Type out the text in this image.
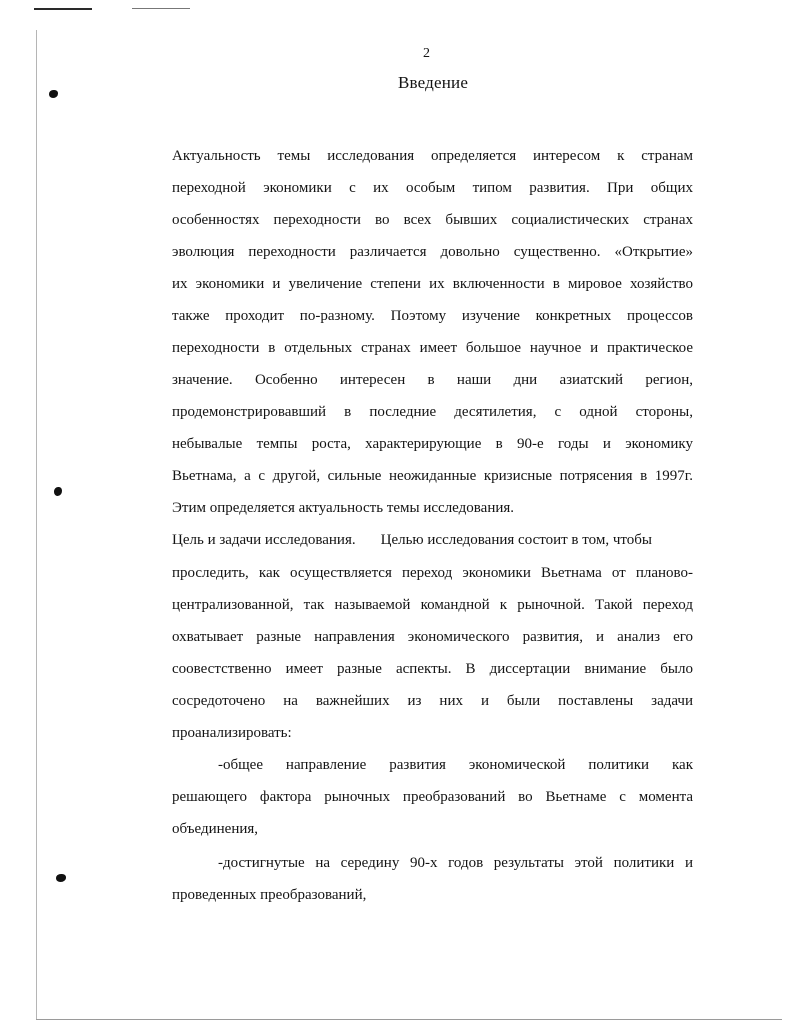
2
Введение
Актуальность темы исследования определяется интересом к странам
переходной экономики с их особым типом развития. При общих
особенностях переходности во всех бывших социалистических странах
эволюция переходности различается довольно существенно. «Открытие»
их экономики и увеличение степени их включенности в мировое хозяйство
также проходит по-разному. Поэтому изучение конкретных процессов
переходности в отдельных странах имеет большое научное и практическое
значение. Особенно интересен в наши дни азиатский регион,
продемонстрировавший в последние десятилетия, с одной стороны,
небывалые темпы роста, характерирующие в 90-е годы и экономику
Вьетнама, а с другой, сильные неожиданные кризисные потрясения в 1997г.
Этим определяется актуальность темы исследования.
Цель и задачи исследования. Целью исследования состоит в том, чтобы
проследить, как осуществляется переход экономики Вьетнама от планово-
централизованной, так называемой командной к рыночной. Такой переход
охватывает разные направления экономического развития, и анализ его
соовестственно имеет разные аспекты. В диссертации внимание было
сосредоточено на важнейших из них и были поставлены задачи
проанализировать:
-общее направление развития экономической политики как
решающего фактора рыночных преобразований во Вьетнаме с момента
объединения,
-достигнутые на середину 90-х годов результаты этой политики и
проведенных преобразований,
